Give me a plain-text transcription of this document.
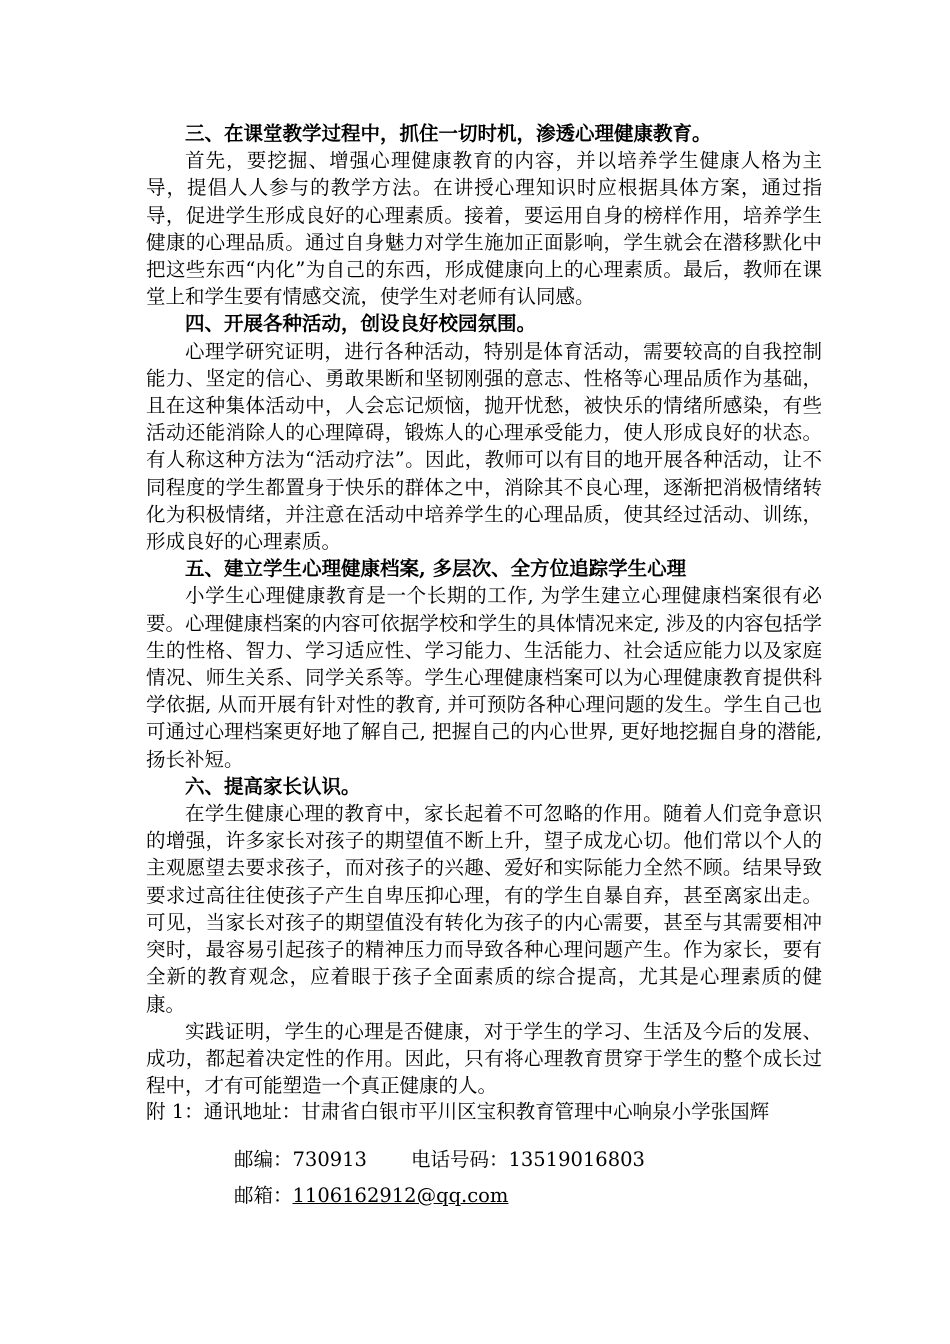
三、在课堂教学过程中，抓住一切时机，渗透心理健康教育。

首先，要挖掘、增强心理健康教育的内容，并以培养学生健康人格为主导，提倡人人参与的教学方法。在讲授心理知识时应根据具体方案，通过指导，促进学生形成良好的心理素质。接着，要运用自身的榜样作用，培养学生健康的心理品质。通过自身魅力对学生施加正面影响，学生就会在潜移默化中把这些东西“内化”为自己的东西，形成健康向上的心理素质。最后，教师在课堂上和学生要有情感交流，使学生对老师有认同感。

四、开展各种活动，创设良好校园氛围。

心理学研究证明，进行各种活动，特别是体育活动，需要较高的自我控制能力、坚定的信心、勇敢果断和坚韧刚强的意志、性格等心理品质作为基础，且在这种集体活动中，人会忘记烦恼，抛开忧愁，被快乐的情绪所感染，有些活动还能消除人的心理障碍，锻炼人的心理承受能力，使人形成良好的状态。有人称这种方法为“活动疗法”。因此，教师可以有目的地开展各种活动，让不同程度的学生都置身于快乐的群体之中，消除其不良心理，逐渐把消极情绪转化为积极情绪，并注意在活动中培养学生的心理品质，使其经过活动、训练，形成良好的心理素质。

五、建立学生心理健康档案, 多层次、全方位追踪学生心理

小学生心理健康教育是一个长期的工作, 为学生建立心理健康档案很有必要。心理健康档案的内容可依据学校和学生的具体情况来定, 涉及的内容包括学生的性格、智力、学习适应性、学习能力、生活能力、社会适应能力以及家庭情况、师生关系、同学关系等。学生心理健康档案可以为心理健康教育提供科学依据, 从而开展有针对性的教育, 并可预防各种心理问题的发生。学生自己也可通过心理档案更好地了解自己, 把握自己的内心世界, 更好地挖掘自身的潜能, 扬长补短。

六、提高家长认识。

在学生健康心理的教育中，家长起着不可忽略的作用。随着人们竞争意识的增强，许多家长对孩子的期望值不断上升，望子成龙心切。他们常以个人的主观愿望去要求孩子，而对孩子的兴趣、爱好和实际能力全然不顾。结果导致要求过高往往使孩子产生自卑压抑心理，有的学生自暴自弃，甚至离家出走。可见，当家长对孩子的期望值没有转化为孩子的内心需要，甚至与其需要相冲突时，最容易引起孩子的精神压力而导致各种心理问题产生。作为家长，要有全新的教育观念，应着眼于孩子全面素质的综合提高，尤其是心理素质的健康。

实践证明，学生的心理是否健康，对于学生的学习、生活及今后的发展、成功，都起着决定性的作用。因此，只有将心理教育贯穿于学生的整个成长过程中，才有可能塑造一个真正健康的人。

附 1：通讯地址：甘肃省白银市平川区宝积教育管理中心响泉小学张国辉

邮编：730913 电话号码：13519016803
邮箱：1106162912@qq.com
